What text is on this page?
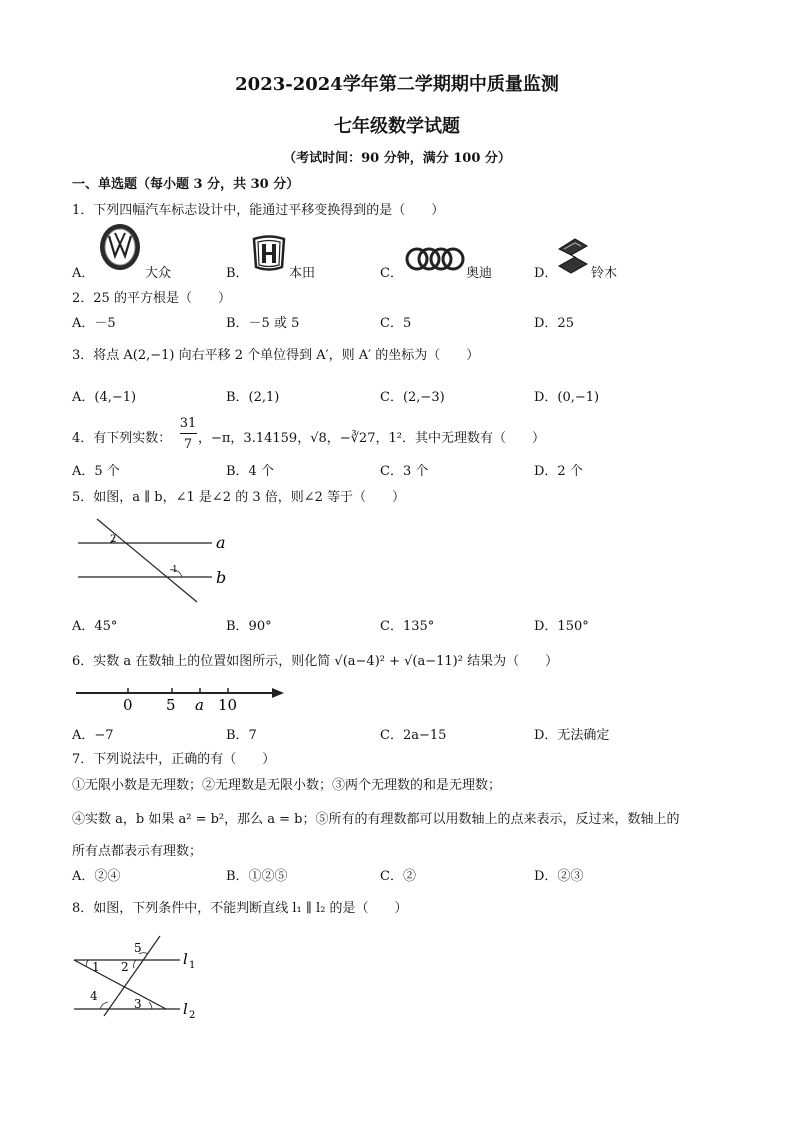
2023-2024学年第二学期期中质量监测
七年级数学试题
（考试时间：90 分钟，满分 100 分）
一、单选题（每小题 3 分，共 30 分）
1．下列四幅汽车标志设计中，能通过平移变换得到的是（　　）
A．	大众	B．	本田	C．	奥迪	D．	铃木
2．25 的平方根是（　　）
A．－5	B．－5 或 5	C．5	D．25
3．将点 A(2,−1) 向右平移 2 个单位得到 A′，则 A′ 的坐标为（　　）
A．(4,−1)	B．(2,1)	C．(2,−3)	D．(0,−1)
4．有下列实数：
31
7 ，−π，3.14159，√8，−∛27，1²．其中无理数有（　　）
A．5 个	B．4 个	C．3 个	D．2 个
5．如图，a ∥ b，∠1 是∠2 的 3 倍，则∠2 等于（　　）
a
b
2
1
A．45°	B．90°	C．135°	D．150°
6．实数 a 在数轴上的位置如图所示，则化简 √(a−4)² + √(a−11)² 结果为（　　）
0 5 a 10
A．−7	B．7	C．2a−15	D．无法确定
7．下列说法中，正确的有（　　）
①无限小数是无理数；②无理数是无限小数；③两个无理数的和是无理数；
④实数 a，b 如果 a² = b²，那么 a = b；⑤所有的有理数都可以用数轴上的点来表示，反过来，数轴上的
所有点都表示有理数；
A．②④	B．①②⑤	C．②	D．②③
8．如图，下列条件中，不能判断直线 l₁ ∥ l₂ 的是（　　）
1 2
3
4
5
l 1
l 2
